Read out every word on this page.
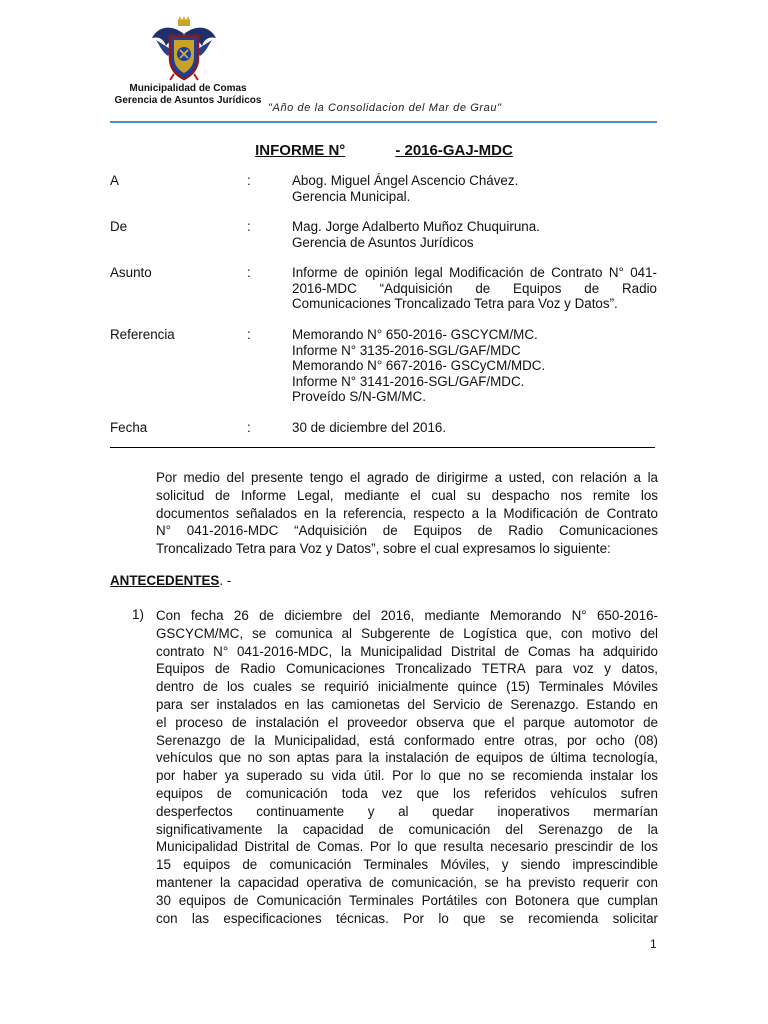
Municipalidad de Comas
Gerencia de Asuntos Jurídicos
"Año de la Consolidacion del Mar de Grau"
INFORME N°	- 2016-GAJ-MDC
A	:	Abog. Miguel Ángel Ascencio Chávez.
Gerencia Municipal.
De	:	Mag. Jorge Adalberto Muñoz Chuquiruna.
Gerencia de Asuntos Jurídicos
Asunto	:	Informe de opinión legal Modificación de Contrato N° 041-
2016-MDC “Adquisición de Equipos de Radio
Comunicaciones Troncalizado Tetra para Voz y Datos”.
Referencia	:	Memorando N° 650-2016- GSCYCM/MC.
Informe N° 3135-2016-SGL/GAF/MDC
Memorando N° 667-2016- GSCyCM/MDC.
Informe N° 3141-2016-SGL/GAF/MDC.
Proveído S/N-GM/MC.
Fecha	:	30 de diciembre del 2016.
Por medio del presente tengo el agrado de dirigirme a usted, con relación a la
solicitud de Informe Legal, mediante el cual su despacho nos remite los
documentos señalados en la referencia, respecto a la Modificación de Contrato
N° 041-2016-MDC “Adquisición de Equipos de Radio Comunicaciones
Troncalizado Tetra para Voz y Datos”, sobre el cual expresamos lo siguiente:
ANTECEDENTES. -
1) Con fecha 26 de diciembre del 2016, mediante Memorando N° 650-2016-
GSCYCM/MC, se comunica al Subgerente de Logística que, con motivo del
contrato N° 041-2016-MDC, la Municipalidad Distrital de Comas ha adquirido
Equipos de Radio Comunicaciones Troncalizado TETRA para voz y datos,
dentro de los cuales se requirió inicialmente quince (15) Terminales Móviles
para ser instalados en las camionetas del Servicio de Serenazgo. Estando en
el proceso de instalación el proveedor observa que el parque automotor de
Serenazgo de la Municipalidad, está conformado entre otras, por ocho (08)
vehículos que no son aptas para la instalación de equipos de última tecnología,
por haber ya superado su vida útil. Por lo que no se recomienda instalar los
equipos de comunicación toda vez que los referidos vehículos sufren
desperfectos continuamente y al quedar inoperativos mermarían
significativamente la capacidad de comunicación del Serenazgo de la
Municipalidad Distrital de Comas. Por lo que resulta necesario prescindir de los
15 equipos de comunicación Terminales Móviles, y siendo imprescindible
mantener la capacidad operativa de comunicación, se ha previsto requerir con
30 equipos de Comunicación Terminales Portátiles con Botonera que cumplan
con las especificaciones técnicas. Por lo que se recomienda solicitar
1
